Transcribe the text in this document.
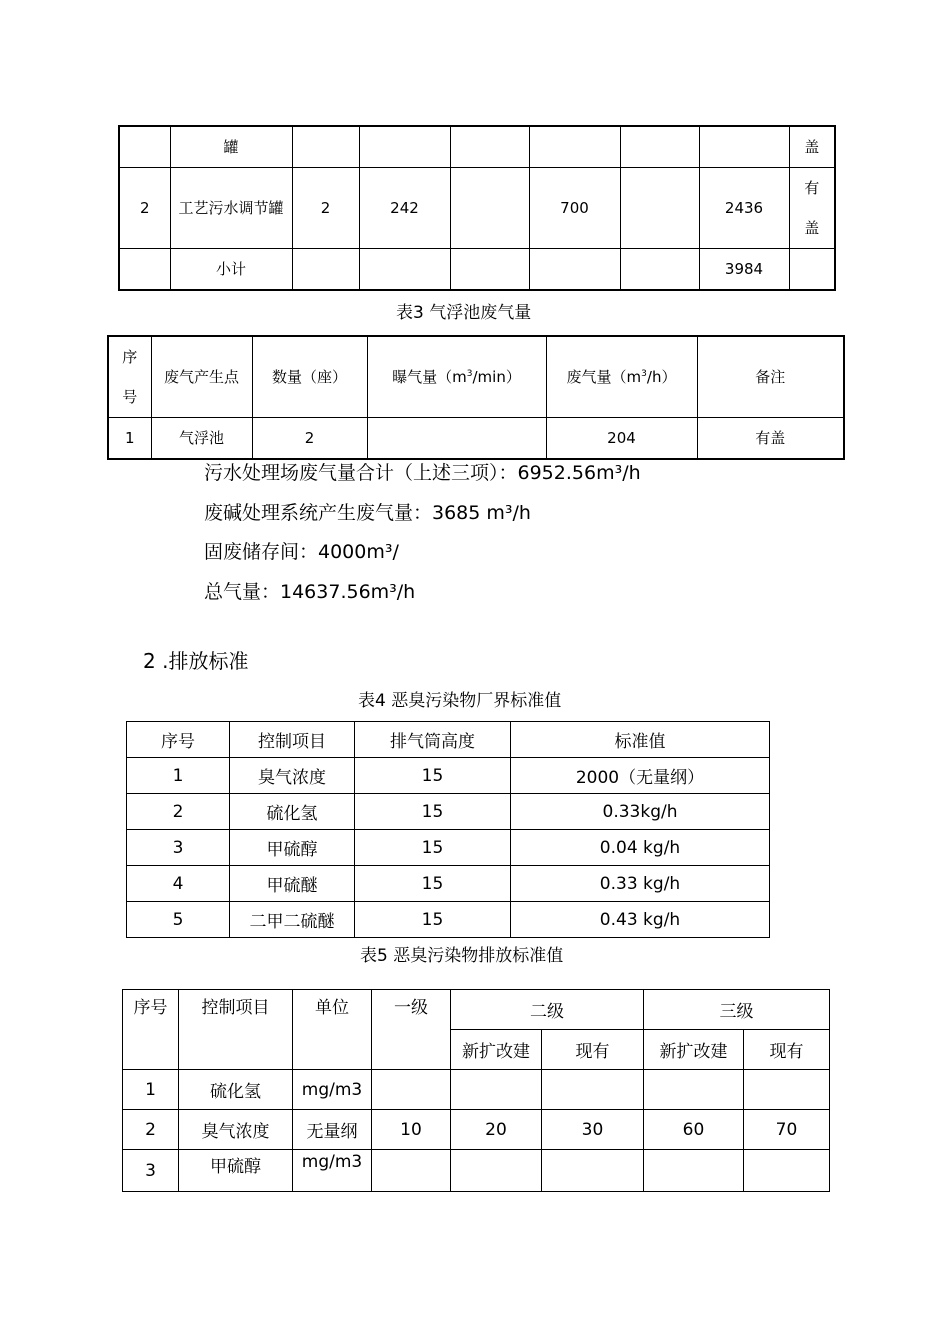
	罐							盖
2	工艺污水调节罐	2	242		700		2436	有盖

	小计						3984	
表3 气浮池废气量
序号	废气产生点	数量（座）	曝气量$(m^3/\min)$	废气量$(m^3/h)$	备注
1	气浮池	2		204	有盖
污水处理场废气量合计（上述三项）：6952.56m³/h
废碱处理系统产生废气量：3685 m³/h
固废储存间：4000m³/
总气量：14637.56m³/h
2 .排放标准
表4 恶臭污染物厂界标准值
序号	控制项目	排气筒高度	标准值
1	臭气浓度	15	2000（无量纲）
2	硫化氢	15	0.33kg/h
3	甲硫醇	15	0.04 kg/h
4	甲硫醚	15	0.33 kg/h
5	二甲二硫醚	15	0.43 kg/h
表5 恶臭污染物排放标准值
序号	控制项目	单位	一级	二级		三级	
				新扩改建	现有	新扩改建	现有
1	硫化氢	mg/m3					
2	臭气浓度	无量纲	10	20	30	60	70
3	甲硫醇	mg/m3					
